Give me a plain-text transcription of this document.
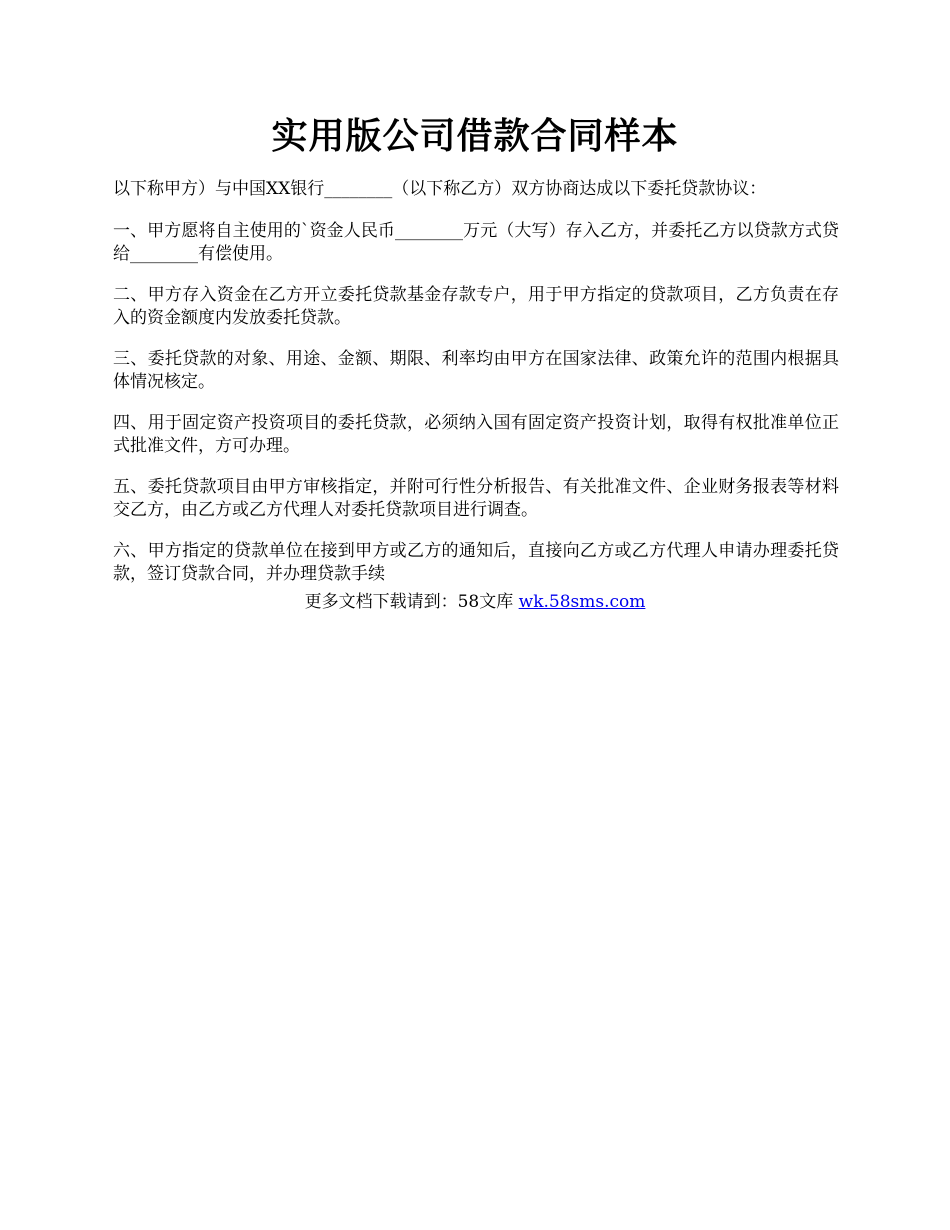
实用版公司借款合同样本

以下称甲方）与中国XX银行________（以下称乙方）双方协商达成以下委托贷款协议：

一、甲方愿将自主使用的`资金人民币________万元（大写）存入乙方，并委托乙方以贷款方式贷给________有偿使用。

二、甲方存入资金在乙方开立委托贷款基金存款专户，用于甲方指定的贷款项目，乙方负责在存入的资金额度内发放委托贷款。

三、委托贷款的对象、用途、金额、期限、利率均由甲方在国家法律、政策允许的范围内根据具体情况核定。

四、用于固定资产投资项目的委托贷款，必须纳入国有固定资产投资计划，取得有权批准单位正式批准文件，方可办理。

五、委托贷款项目由甲方审核指定，并附可行性分析报告、有关批准文件、企业财务报表等材料交乙方，由乙方或乙方代理人对委托贷款项目进行调查。

六、甲方指定的贷款单位在接到甲方或乙方的通知后，直接向乙方或乙方代理人申请办理委托贷款，签订贷款合同，并办理贷款手续

更多文档下载请到：58文库 wk.58sms.com
